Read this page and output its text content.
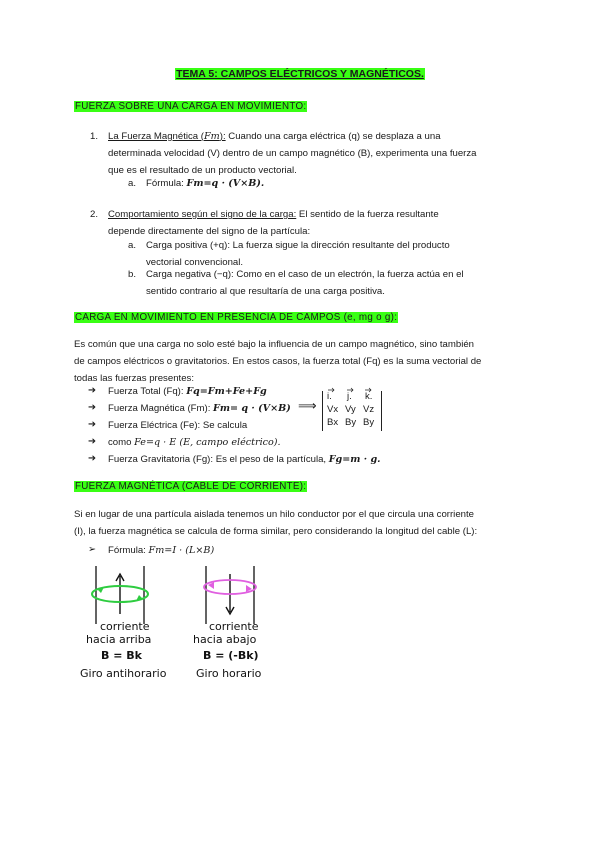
TEMA 5: CAMPOS ELÉCTRICOS Y MAGNÉTICOS.
FUERZA SOBRE UNA CARGA EN MOVIMIENTO:
1. La Fuerza Magnética (Fm): Cuando una carga eléctrica (q) se desplaza a una
determinada velocidad (V) dentro de un campo magnético (B), experimenta una fuerza
que es el resultado de un producto vectorial.
a. Fórmula: Fm=q · (V×B).
2. Comportamiento según el signo de la carga: El sentido de la fuerza resultante
depende directamente del signo de la partícula:
a. Carga positiva (+q): La fuerza sigue la dirección resultante del producto
vectorial convencional.
b. Carga negativa (−q): Como en el caso de un electrón, la fuerza actúa en el
sentido contrario al que resultaría de una carga positiva.
CARGA EN MOVIMIENTO EN PRESENCIA DE CAMPOS (e, mg o g):
Es común que una carga no solo esté bajo la influencia de un campo magnético, sino también
de campos eléctricos o gravitatorios. En estos casos, la fuerza total (Fq) es la suma vectorial de
todas las fuerzas presentes:
➔ Fuerza Total (Fq): Fq=Fm+Fe+Fg
➔ Fuerza Magnética (Fm): Fm= q · (V×B) ⟹
➔ Fuerza Eléctrica (Fe): Se calcula
➔ como Fe=q · E (E, campo eléctrico).
➔ Fuerza Gravitatoria (Fg): Es el peso de la partícula, Fg=m · g.
i. j. k.
Vx Vy Vz
Bx By By
FUERZA MAGNÉTICA (CABLE DE CORRIENTE):
Si en lugar de una partícula aislada tenemos un hilo conductor por el que circula una corriente
(I), la fuerza magnética se calcula de forma similar, pero considerando la longitud del cable (L):
➢ Fórmula: Fm=I · (L×B)
corriente
hacia arriba
B = Bk
Giro antihorario
corriente
hacia abajo
B = (-Bk)
Giro horario
